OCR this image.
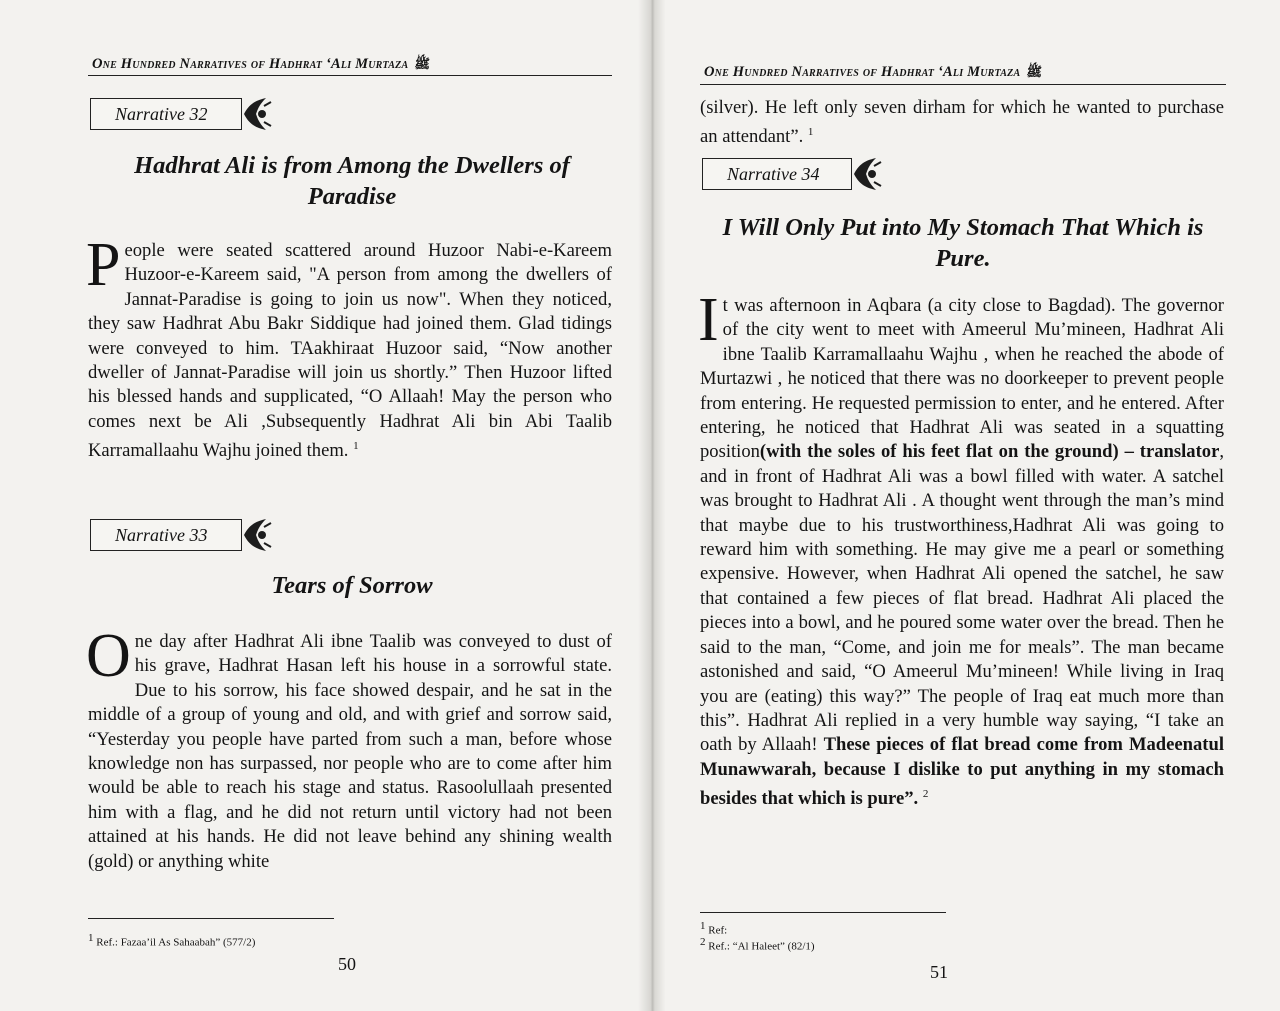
One Hundred Narratives of Hadhrat ‘Ali Murtaza ﷺ
Narrative 32
Hadhrat Ali is from Among the Dwellers of Paradise
People were seated scattered around Huzoor Nabi-e-Kareem Huzoor-e-Kareem said, "A person from among the dwellers of Jannat-Paradise is going to join us now". When they noticed, they saw Hadhrat Abu Bakr Siddique had joined them. Glad tidings were conveyed to him. TAakhiraat Huzoor said, “Now another dweller of Jannat-Paradise will join us shortly.” Then Huzoor lifted his blessed hands and supplicated, “O Allaah! May the person who comes next be Ali ,Subsequently Hadhrat Ali bin Abi Taalib Karramallaahu Wajhu joined them. $^1$
Narrative 33
Tears of Sorrow
One day after Hadhrat Ali ibne Taalib was conveyed to dust of his grave, Hadhrat Hasan left his house in a sorrowful state. Due to his sorrow, his face showed despair, and he sat in the middle of a group of young and old, and with grief and sorrow said, “Yesterday you people have parted from such a man, before whose knowledge non has surpassed, nor people who are to come after him would be able to reach his stage and status. Rasoolullaah presented him with a flag, and he did not return until victory had not been attained at his hands. He did not leave behind any shining wealth (gold) or anything white

$^1$ Ref.: Fazaa’il As Sahaabah” (577/2)

50
One Hundred Narratives of Hadhrat ‘Ali Murtaza ﷺ
(silver). He left only seven dirham for which he wanted to purchase an attendant”. $^1$
Narrative 34
I Will Only Put into My Stomach That Which is Pure.
It was afternoon in Aqbara (a city close to Bagdad). The governor of the city went to meet with Ameerul Mu’mineen, Hadhrat Ali ibne Taalib Karramallaahu Wajhu , when he reached the abode of Murtazwi , he noticed that there was no doorkeeper to prevent people from entering. He requested permission to enter, and he entered. After entering, he noticed that Hadhrat Ali was seated in a squatting position(with the soles of his feet flat on the ground) – translator, and in front of Hadhrat Ali was a bowl filled with water. A satchel was brought to Hadhrat Ali . A thought went through the man’s mind that maybe due to his trustworthiness,Hadhrat Ali was going to reward him with something. He may give me a pearl or something expensive. However, when Hadhrat Ali opened the satchel, he saw that contained a few pieces of flat bread. Hadhrat Ali placed the pieces into a bowl, and he poured some water over the bread. Then he said to the man, “Come, and join me for meals”. The man became astonished and said, “O Ameerul Mu’mineen! While living in Iraq you are (eating) this way?” The people of Iraq eat much more than this”. Hadhrat Ali replied in a very humble way saying, “I take an oath by Allaah! These pieces of flat bread come from Madeenatul Munawwarah, because I dislike to put anything in my stomach besides that which is pure”. $^2$

$^1$ Ref:

$^2$ Ref.: “Al Haleet” (82/1)

51
